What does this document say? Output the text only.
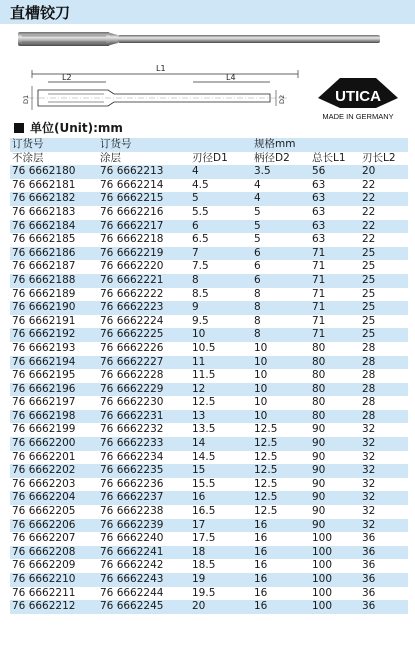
直槽铰刀
L1
L2	L4
D1	D2	UTICA
MADE IN GERMANY
单位(Unit):mm
订货号	订货号		规格mm		
不涂层	涂层	刃径D1	柄径D2	总长L1	刃长L2
76 6662180	76 6662213	4	3.5	56	20
76 6662181	76 6662214	4.5	4	63	22
76 6662182	76 6662215	5	4	63	22
76 6662183	76 6662216	5.5	5	63	22
76 6662184	76 6662217	6	5	63	22
76 6662185	76 6662218	6.5	5	63	22
76 6662186	76 6662219	7	6	71	25
76 6662187	76 6662220	7.5	6	71	25
76 6662188	76 6662221	8	6	71	25
76 6662189	76 6662222	8.5	8	71	25
76 6662190	76 6662223	9	8	71	25
76 6662191	76 6662224	9.5	8	71	25
76 6662192	76 6662225	10	8	71	25
76 6662193	76 6662226	10.5	10	80	28
76 6662194	76 6662227	11	10	80	28
76 6662195	76 6662228	11.5	10	80	28
76 6662196	76 6662229	12	10	80	28
76 6662197	76 6662230	12.5	10	80	28
76 6662198	76 6662231	13	10	80	28
76 6662199	76 6662232	13.5	12.5	90	32
76 6662200	76 6662233	14	12.5	90	32
76 6662201	76 6662234	14.5	12.5	90	32
76 6662202	76 6662235	15	12.5	90	32
76 6662203	76 6662236	15.5	12.5	90	32
76 6662204	76 6662237	16	12.5	90	32
76 6662205	76 6662238	16.5	12.5	90	32
76 6662206	76 6662239	17	16	90	32
76 6662207	76 6662240	17.5	16	100	36
76 6662208	76 6662241	18	16	100	36
76 6662209	76 6662242	18.5	16	100	36
76 6662210	76 6662243	19	16	100	36
76 6662211	76 6662244	19.5	16	100	36
76 6662212	76 6662245	20	16	100	36
